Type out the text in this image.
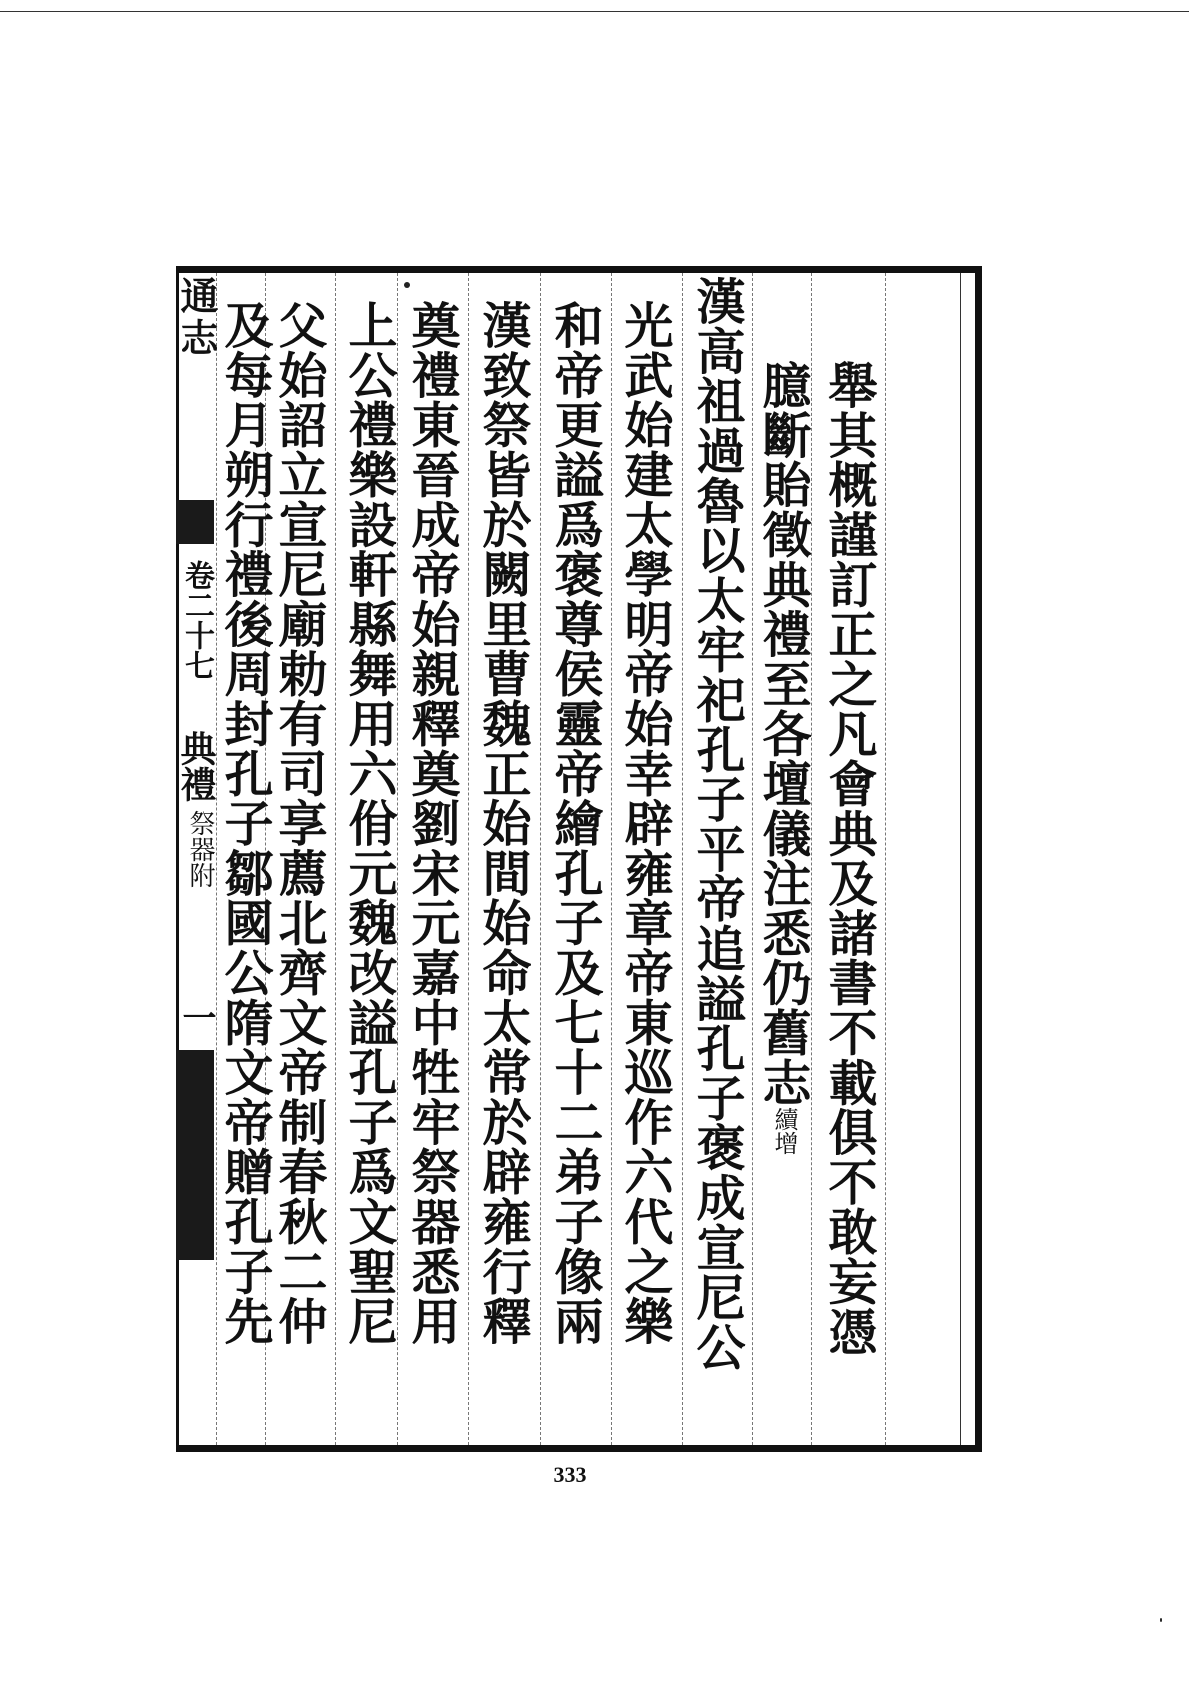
舉其概謹訂正之凡會典及諸書不載俱不敢妄憑
臆斷貽徵典禮至各壇儀注悉仍舊志續增
漢高祖過魯以太牢祀孔子平帝追謚孔子褒成宣尼公
光武始建太學明帝始幸辟雍章帝東巡作六代之樂
和帝更謚爲褒尊侯靈帝繪孔子及七十二弟子像兩
漢致祭皆於闕里曹魏正始間始命太常於辟雍行釋
奠禮東晉成帝始親釋奠劉宋元嘉中牲牢祭器悉用
上公禮樂設軒縣舞用六佾元魏改謚孔子爲文聖尼
父始詔立宣尼廟勅有司享薦北齊文帝制春秋二仲
及每月朔行禮後周封孔子鄒國公隋文帝贈孔子先
通志
卷二十七
典禮
祭器附
一
333
